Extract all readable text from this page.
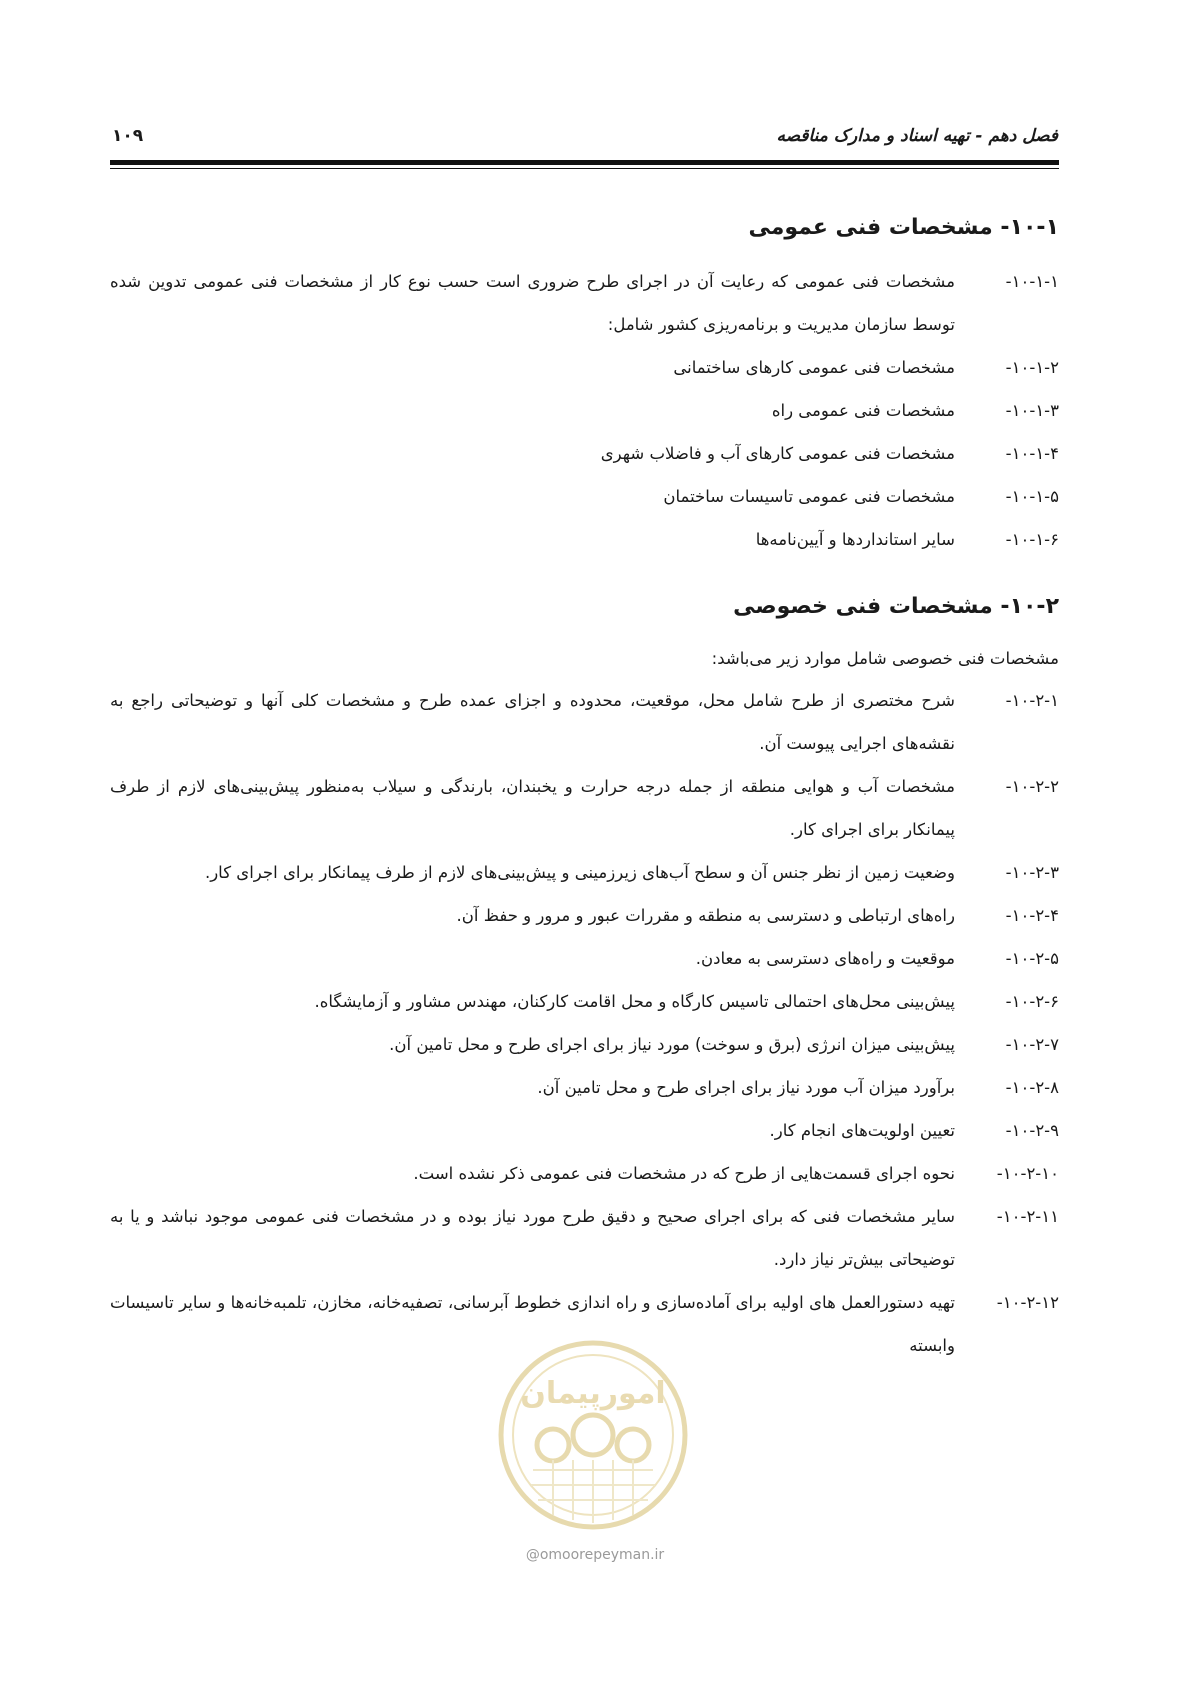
فصل دهم - تهیه اسناد و مدارک مناقصه
۱۰۹
۱۰-۱- مشخصات فنی عمومی
۱۰-۱-۱-
مشخصات فنی عمومی که رعایت آن در اجرای طرح ضروری است حسب نوع کار از مشخصات فنی عمومی تدوین شده توسط سازمان مدیریت و برنامه‌ریزی کشور شامل:
۱۰-۱-۲-
مشخصات فنی عمومی کارهای ساختمانی
۱۰-۱-۳-
مشخصات فنی عمومی راه
۱۰-۱-۴-
مشخصات فنی عمومی کارهای آب و فاضلاب شهری
۱۰-۱-۵-
مشخصات فنی عمومی تاسیسات ساختمان
۱۰-۱-۶-
سایر استانداردها و آیین‌نامه‌ها
۱۰-۲- مشخصات فنی خصوصی
مشخصات فنی خصوصی شامل موارد زیر می‌باشد:
۱۰-۲-۱-
شرح مختصری از طرح شامل محل، موقعیت، محدوده و اجزای عمده طرح و مشخصات کلی آنها و توضیحاتی راجع به نقشه‌های اجرایی پیوست آن.
۱۰-۲-۲-
مشخصات آب و هوایی منطقه از جمله درجه حرارت و یخبندان، بارندگی و سیلاب به‌منظور پیش‌بینی‌های لازم از طرف پیمانکار برای اجرای کار.
۱۰-۲-۳-
وضعیت زمین از نظر جنس آن و سطح آب‌های زیرزمینی و پیش‌بینی‌های لازم از طرف پیمانکار برای اجرای کار.
۱۰-۲-۴-
راه‌های ارتباطی و دسترسی به منطقه و مقررات عبور و مرور و حفظ آن.
۱۰-۲-۵-
موقعیت و راه‌های دسترسی به معادن.
۱۰-۲-۶-
پیش‌بینی محل‌های احتمالی تاسیس کارگاه و محل اقامت کارکنان، مهندس مشاور و آزمایشگاه.
۱۰-۲-۷-
پیش‌بینی میزان انرژی (برق و سوخت) مورد نیاز برای اجرای طرح و محل تامین آن.
۱۰-۲-۸-
برآورد میزان آب مورد نیاز برای اجرای طرح و محل تامین آن.
۱۰-۲-۹-
تعیین اولویت‌های انجام کار.
۱۰-۲-۱۰-
نحوه اجرای قسمت‌هایی از طرح که در مشخصات فنی عمومی ذکر نشده است.
۱۰-۲-۱۱-
سایر مشخصات فنی که برای اجرای صحیح و دقیق طرح مورد نیاز بوده و در مشخصات فنی عمومی موجود نباشد و یا به توضیحاتی بیش‌تر نیاز دارد.
۱۰-۲-۱۲-
تهیه دستورالعمل های اولیه برای آماده‌سازی و راه اندازی خطوط آبرسانی، تصفیه‌خانه، مخازن، تلمبه‌خانه‌ها و سایر تاسیسات وابسته
امورپیمان
@omoorepeyman.ir
